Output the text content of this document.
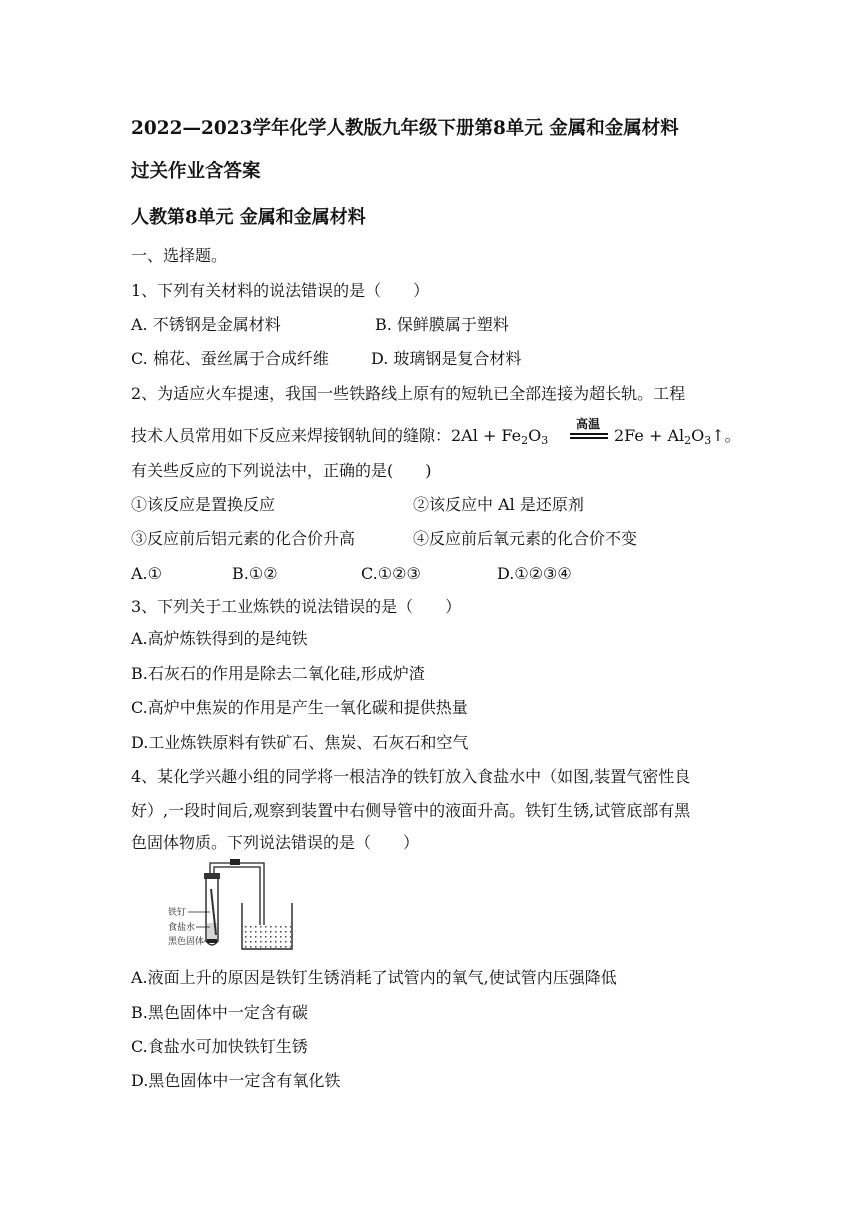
2022—2023学年化学人教版九年级下册第8单元 金属和金属材料
过关作业含答案
人教第8单元 金属和金属材料
一、选择题。
1、下列有关材料的说法错误的是（　　）
A. 不锈钢是金属材料	B. 保鲜膜属于塑料
C. 棉花、蚕丝属于合成纤维	D. 玻璃钢是复合材料
2、为适应火车提速，我国一些铁路线上原有的短轨已全部连接为超长轨。工程
技术人员常用如下反应来焊接钢轨间的缝隙：$2Al + Fe_2O_3$
高温
$2Fe + Al_2O_3↑$。
有关些反应的下列说法中，正确的是(　　)
①该反应是置换反应	②该反应中 Al 是还原剂
③反应前后铝元素的化合价升高	④反应前后氧元素的化合价不变
A.①	B.①②	C.①②③	D.①②③④
3、下列关于工业炼铁的说法错误的是（　　）
A.高炉炼铁得到的是纯铁
B.石灰石的作用是除去二氧化硅,形成炉渣
C.高炉中焦炭的作用是产生一氧化碳和提供热量
D.工业炼铁原料有铁矿石、焦炭、石灰石和空气
4、某化学兴趣小组的同学将一根洁净的铁钉放入食盐水中（如图,装置气密性良
好）,一段时间后,观察到装置中右侧导管中的液面升高。铁钉生锈,试管底部有黑
色固体物质。下列说法错误的是（　　）
铁钉
食盐水
黑色固体
A.液面上升的原因是铁钉生锈消耗了试管内的氧气,使试管内压强降低
B.黑色固体中一定含有碳
C.食盐水可加快铁钉生锈
D.黑色固体中一定含有氧化铁
